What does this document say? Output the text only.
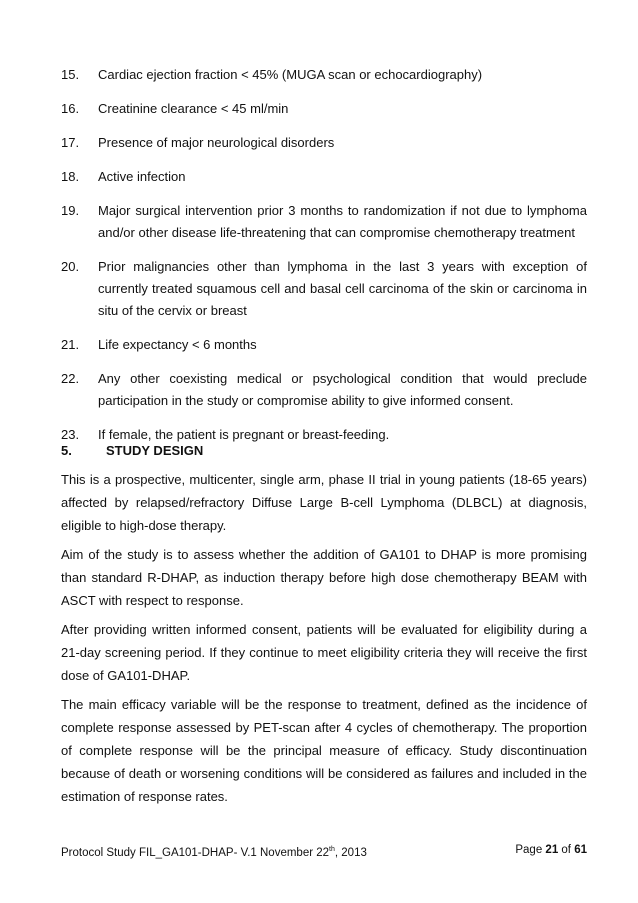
15.	Cardiac ejection fraction < 45% (MUGA scan or echocardiography)
16.	Creatinine clearance < 45 ml/min
17.	Presence of major neurological disorders
18.	Active infection
19.	Major surgical intervention prior 3 months to randomization if not due to lymphoma and/or other disease life-threatening that can compromise chemotherapy treatment
20.	Prior malignancies other than lymphoma in the last 3 years with exception of currently treated squamous cell and basal cell carcinoma of the skin or carcinoma in situ of the cervix or breast
21.	Life expectancy < 6 months
22.	Any other coexisting medical or psychological condition that would preclude participation in the study or compromise ability to give informed consent.
23.	If female, the patient is pregnant or breast-feeding.
5.	STUDY DESIGN

This is a prospective, multicenter, single arm, phase II trial in young patients (18-65 years) affected by relapsed/refractory Diffuse Large B-cell Lymphoma (DLBCL) at diagnosis, eligible to high-dose therapy.

Aim of the study is to assess whether the addition of GA101 to DHAP is more promising than standard R-DHAP, as induction therapy before high dose chemotherapy BEAM with ASCT with respect to response.

After providing written informed consent, patients will be evaluated for eligibility during a 21-day screening period. If they continue to meet eligibility criteria they will receive the first dose of GA101-DHAP.

The main efficacy variable will be the response to treatment, defined as the incidence of complete response assessed by PET-scan after 4 cycles of chemotherapy. The proportion of complete response will be the principal measure of efficacy. Study discontinuation because of death or worsening conditions will be considered as failures and included in the estimation of response rates.

Protocol Study FIL_GA101-DHAP- V.1 November 22th, 2013	Page 21 of 61
